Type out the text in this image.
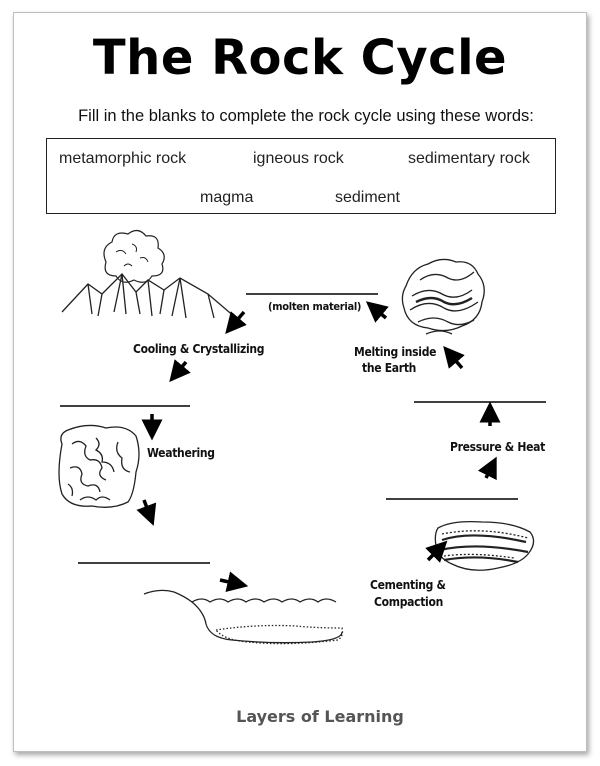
The Rock Cycle
Fill in the blanks to complete the rock cycle using these words:
metamorphic rock	igneous rock	sedimentary rock
magma	sediment
(molten material)
Cooling & Crystallizing	Melting inside
the Earth
Weathering	Pressure & Heat
Cementing &
Compaction
Layers of Learning
